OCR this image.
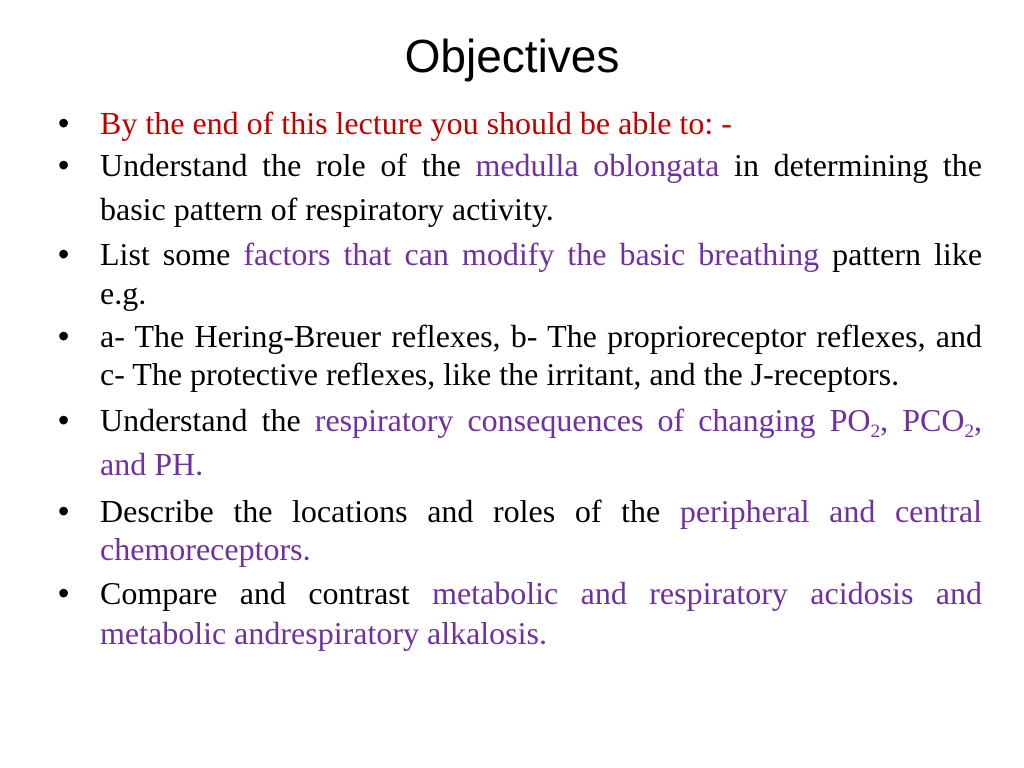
Objectives
• By the end of this lecture you should be able to: -
• Understand the role of the medulla oblongata in determining the basic pattern of respiratory activity.
• List some factors that can modify the basic breathing pattern like e.g.
• a- The Hering-Breuer reflexes, b- The proprioreceptor reflexes, and c- The protective reflexes, like the irritant, and the J-receptors.
• Understand the respiratory consequences of changing $PO_2$, $PCO_2$, and PH.
• Describe the locations and roles of the peripheral and central chemoreceptors.
• Compare and contrast metabolic and respiratory acidosis and metabolic andrespiratory alkalosis.
